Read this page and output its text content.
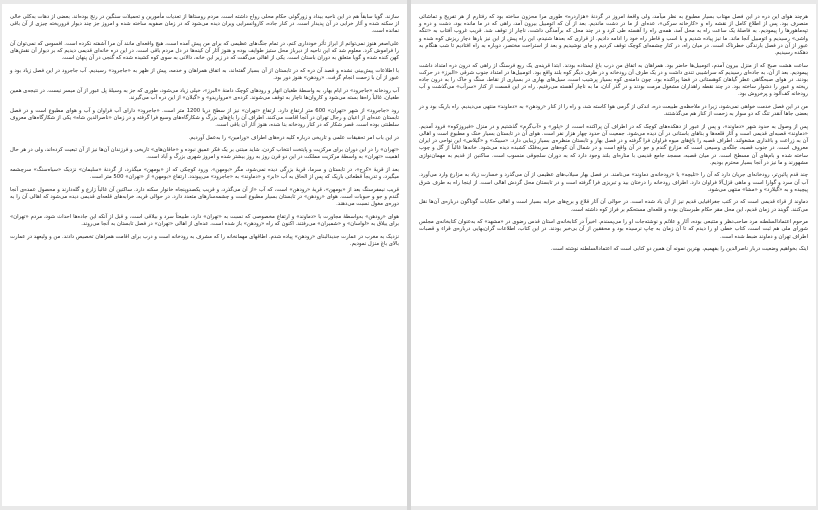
سازند. گویا سابقاً هم در این ناحیه بیداد و زورگوئی حکام محلی رواج داشته است. مردم روستاها از تعدیات مأمورین و تحمیلات سنگین در رنج بوده‌اند. بعضی از دهات به‌کلی خالی از سکنه شده و آثار خرابی در آن پدیدار است. در کنار جاده، کاروانسرایی ویران دیده می‌شود که در زمان صفویه ساخته شده و امروز جز چند دیوار فروریخته چیزی از آن باقی نمانده است.

علی‌اصغر هنوز نمی‌توانم از ابراز تأثر خودداری کنم، در تمام جنگ‌های عظیمی که برای من پیش آمده است، هیچ واقعه‌ای مانند آن مرا آشفته نکرده است. افسوس که نمی‌توان آن را فراموش کرد. معلوم شد که این ناحیه از دیرباز محل ستیز طوایف بوده و هنوز آثار آن کینه‌ها در دل مردم باقی است. در این دره خانه‌ای قدیمی دیدیم که بر دیوار آن نقش‌های کهن کنده شده و گویا متعلق به دوران باستان است. یکی از اهالی می‌گفت که در زیر این خانه، دالانی به سوی کوه کشیده شده که گنجی در آن پنهان است.

با اطلاعات پیش‌بینی نشده و قصد آن دره که در تابستان از آن بسیار گفته‌اند، به اتفاق همراهان و خدمه، پیش از ظهر به «جاجرود» رسیدیم. آب جاجرود در این فصل زیاد بود و عبور از آن با زحمت انجام گرفت. «رودهن» هنوز دور بود.

آب رودخانه «جاجرود» در ایام بهار، به واسطهٔ طغیان انهار و رودهای کوچک دامنهٔ «البرز»، خیلی زیاد می‌شود، طوری که جز به وسیلهٔ پل عبور از آن میسر نیست. در نتیجه‌ی همین طغیان، غالباً راه‌ها بسته می‌شود و کاروان‌ها ناچار به توقف می‌شوند. کرده‌ی «مرواریدو» و «گیلان» از این دره آب می‌گیرند.

رود «جاجرود» از شهر «تهران» 600 متر ارتفاع دارد. ارتفاع «تهران» نیز از سطح دریا 1200 متر است. «جاجرود» دارای آب فراوان و آب و هوای مطبوع است و در فصل تابستان عده‌ای از اعیان و رجال تهران در آنجا اقامت می‌کنند. اطراف آن را باغ‌های بزرگ و شکارگاه‌های وسیع فرا گرفته و در زمان «ناصرالدین شاه» یکی از شکارگاه‌های معروف سلطنتی بوده است. قصر شکار که در کنار رودخانه بنا شده، هنوز آثار آن باقی است.

در این باب امر تحقیقات علمی و تاریخی درباره کلیه دره‌های اطراف «ورامین» را به‌عمل آوردیم.

«تهران» را در این دوران برای مرکزیت و پایتخت انتخاب کردن، شاید مبتنی بر یک فکر عمیق نبوده و «خاقان‌های» تاریخی و فرزندان آن‌ها نیز از آن تبعیت کرده‌اند، ولی در هر حال اهمیت «تهران» به واسطهٔ مرکزیت مملکت در این دو قرن روز به روز بیشتر شده و امروز شهری بزرگ و آباد است.

بعد از قریهٔ «کرج»، در تابستان و سرما، قریهٔ بزرگی دیده نمی‌شود، مگر «بومهن». ورود کوچکی که از «بومهن» میگذرد، از گردنهٔ «سلیمان» نزدیک «سیاه‌سنگ» سرچشمه میگیرد، و تدریجاً قطعاتی باریک که پس از الحاق به آب «ابر» و «دماوند» به «جاجرود» می‌پیوندد. ارتفاع «بومهن» از «تهران» 500 متر است.

قریب نیمفرسنگ بعد از «بومهن»، قریهٔ «رودهن» است، که آب «از آن می‌گذرد، و قریب یکصدوپنجاه خانوار سکنه دارد. ساکنین آن غالباً زارع و گله‌دارند و محصول عمده‌ی آنجا گندم و جو و حبوبات است. هوای «رودهن» در تابستان بسیار مطبوع است و چشمه‌سارهای متعدد دارد. در حوالی قریه، خرابه‌های قلعه‌ای قدیمی دیده می‌شود که اهالی آن را به دوره‌ی مغول نسبت می‌دهند.

هوای «رودهن» به‌واسطهٔ مجاورت با «دماوند» و ارتفاع مخصوصی که نسبت به «تهران» دارد، طبیعتاً سرد و بیلاقی است، و قبل از آنکه این جاده‌ها احداث شود، مردم «تهران» برای ییلاق به «لواسان» و «شمیران» می‌رفتند. اکنون که راه «رودهن» باز شده است، عده‌ای از اهالی «تهران» در فصل تابستان به آنجا می‌روند.

نزدیک به مغرب در عمارت جدیدالبنای «رودهن» پیاده شدم. اطاقهای مهمانخانه را که مشرف به رودخانه است و درب برای اقامت همراهان تخصیص دادند. من و ولیعهد در عمارت بالای باغ منزل نمودیم.

هرچند هوای این دره در این فصل مهتاب بسیار مطبوع به نظر میآمد، ولی واقعهٔ امروز در گردنهٔ «هزاردره» طوری مرا محزون ساخته بود که رفتارم از هر تفریح و تماشائی منصرف بود. پس از اطلاع کامل از نقشه راه و «کارخانه سرکی»، عده‌ای از ما در دشت ماندیم. بعد از آن که اتومبیل بیرون آمد، راهی که در ما مانده بود، دشت و دره و تپه‌ماهورها را پیمودیم. به فاصلهٔ یک ساعت راه به محل آمد، همه‌ی راه را آهسته طی کرد و در چند محل که برآمدگی داشت، ناچار از توقف شد. قریب غروب آفتاب به «تنگه واشی» رسیدیم و اتومبیل آنجا ماند. ما نیز پیاده شدیم و با اسب و قاطر راه خود را ادامه دادیم. از قراری که بعدها شنیدم، این راه پیش از این نیز بارها دچار ریزش کوه شده و عبور از آن در فصل بارندگی خطرناک است. در میان راه، در کنار چشمه‌ای کوچک توقف کردیم و چای نوشیدیم و بعد از استراحت مختصر، دوباره به راه افتادیم تا شب هنگام به دهکده رسیدیم.

ساعت هشت صبح که از منزل بیرون آمدم، اتومبیل‌ها حاضر بود. همراهان به اتفاق من درب باغ ایستاده بودند. ابتدا قرینه‌ی یک ربع فرسنگ از راهی که درون دره امتداد داشت پیمودیم. بعد از آن، به جاده‌ای رسیدیم که سراشیبی تندی داشت و در یک طرف آن رودخانه و در طرف دیگر کوه بلند واقع بود. اتومبیل‌ها در امتداد جنوب شرقی «البرز» در حرکت بودند. در هوای صبحگاهی عطر گیاهان کوهستانی در فضا پراکنده بود. چون دامنه‌ی کوه بسیار پرشیب است، سیل‌های بهاری در بسیاری از نقاط، سنگ و خاک را به درون جاده ریخته و عبور را دشوار ساخته بود. در چند نقطه راهداران مشغول مرمت بودند و در گذر آنان، ما به ناچار آهسته می‌رفتیم. راه در این قسمت از کنار «سرآب» می‌گذشت و آب رودخانه کف‌آلود و پرخروش بود.

من در این فصل خدمت خواهی نمی‌شود، زیرا در ملاحظه‌ی طبیعت دره، اندکی از گرمی هوا کاسته شد، و راه را از کنار «رودهن» به «دماوند» منتهی می‌دیدیم. راه باریک بود و در بعضی جاها آنقدر تنگ که دو سوار به زحمت از کنار هم می‌گذشتند.

پس از وصول به حدود شهر «دماوند»، و پس از عبور از دهکده‌های کوچک که در اطراف آن پراکنده است، از «پلور» و «آب‌گرم» گذشتیم و در منزل «فیروزکوه» فرود آمدیم. «دماوند» قصبه‌ای قدیمی است و آثار قلعه‌ها و بناهای باستانی در آن دیده می‌شود. جمعیت آن حدود چهار هزار نفر است. هوای آن در تابستان بسیار خنک و مطبوع است و اهالی آن به زراعت و باغداری مشغولند. اطراف قصبه را باغ‌های میوه فراوان فرا گرفته و در فصل بهار و تابستان منظره‌ی بسیار زیبایی دارد. «سیبک» و «گیلاس» این نواحی در ایران معروف است. در جنوب قصبه، جلگه‌ی وسیعی است که مزارع گندم و جو در آن واقع است و در شمال آن کوه‌های سربه‌فلک کشیده دیده می‌شود. خانه‌ها غالباً از گل و چوب ساخته شده و بام‌های آن مسطح است. در میان قصبه، مسجد جامع قدیمی با مناره‌ای بلند وجود دارد که به دوران سلجوقی منسوب است. ساکنین از قدیم به مهمان‌نوازی مشهورند و ما نیز در آنجا بسیار محترم بودیم.

چند قدم پائین‌تر، رودخانه‌ای جریان دارد که آن را «تلیچه» یا «رودخانه‌ی دماوند» می‌نامند. در فصل بهار سیلاب‌های عظیمی از آن می‌گذرد و خسارت زیاد به مزارع وارد می‌آورد. آب آن سرد و گوارا است و ماهی قزل‌آلا فراوان دارد. اطراف رودخانه را درختان بید و تبریزی فرا گرفته است و در تابستان محل گردش اهالی است. از اینجا راه به طرف شرق پیچیده و به «گیلارد» و «مشا» منتهی می‌شود.

دماوند از قراء قدیمی است که در کتب جغرافیایی قدیم نیز از آن یاد شده است. در حوالی آن آثار قلاع و برج‌های خرابه بسیار است و اهالی حکایات گوناگون درباره‌ی آن‌ها نقل می‌کنند. گویند در زمان قدیم، این محل مقر حکام طبرستان بوده و قلعه‌ای مستحکم بر فراز کوه داشته است.

مرحوم اعتمادالسلطنه مرد صاحب‌نظر و متتبعی بوده، آثار و علائم و نوشته‌جات او را می‌پسندم. اخیراً در کتابخانه‌ی استان قدس رضوی در «مشهد» که به‌عنوان کتابخانه‌ی مجلس شوراى ملی هم ثبت است، کتاب خطی او را دیدم که تا آن زمان به چاپ نرسیده بود و محققین از آن بی‌خبر بودند. در این کتاب، اطلاعات گران‌بهایی درباره‌ی قراء و قصبات اطراف تهران و دماوند ضبط شده است.

اینک بخواهیم وضعیت دربار ناصرالدین را بفهمیم، بهترین نمونه آن همین دو کتابی است که اعتمادالسلطنه نوشته است.
